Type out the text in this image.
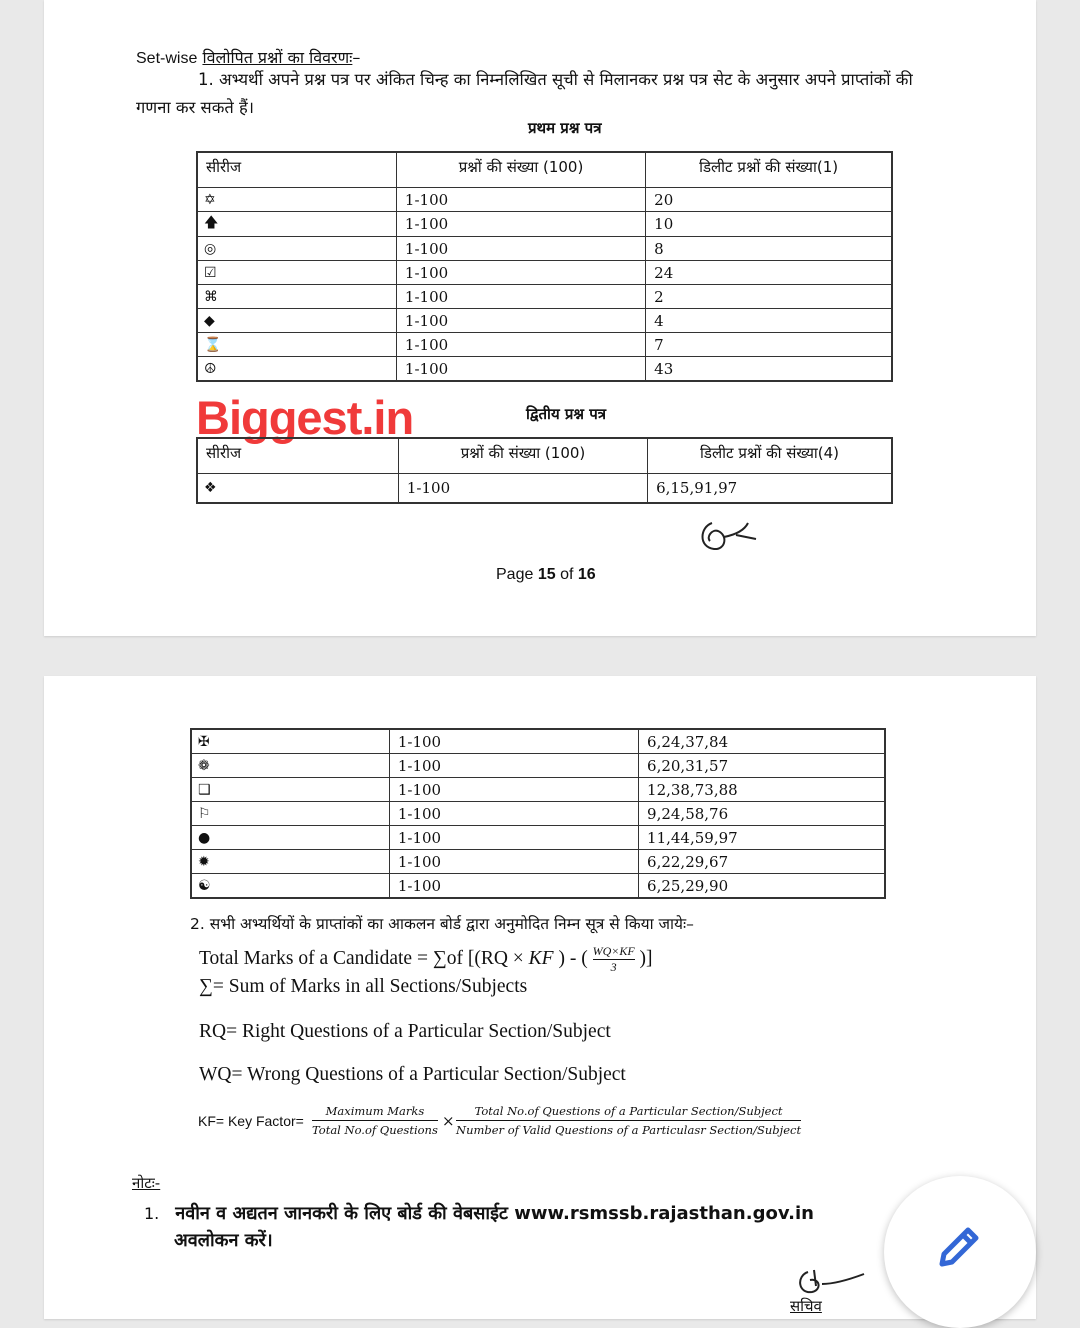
Set-wise विलोपित प्रश्नों का विवरणः–
1. अभ्यर्थी अपने प्रश्न पत्र पर अंकित चिन्ह का निम्नलिखित सूची से मिलानकर प्रश्न पत्र सेट के अनुसार अपने प्राप्तांकों की गणना कर सकते हैं।
प्रथम प्रश्न पत्र
सीरीज	प्रश्नों की संख्या (100)	डिलीट प्रश्नों की संख्या(1)
✡	1-100	20
🡅	1-100	10
◎	1-100	8
☑	1-100	24
⌘	1-100	2
◆	1-100	4
⌛	1-100	7
☮	1-100	43
Biggest.in	द्वितीय प्रश्न पत्र
सीरीज	प्रश्नों की संख्या (100)	डिलीट प्रश्नों की संख्या(4)
❖	1-100	6,15,91,97
Page 15 of 16
✠	1-100	6,24,37,84
❁	1-100	6,20,31,57
❑	1-100	12,38,73,88
⚐	1-100	9,24,58,76
●	1-100	11,44,59,97
✹	1-100	6,22,29,67
☯	1-100	6,25,29,90
2. सभी अभ्यर्थियों के प्राप्तांकों का आकलन बोर्ड द्वारा अनुमोदित निम्न सूत्र से किया जायेः–
Total Marks of a Candidate = ∑of [(RQ × KF ) - ( $\frac{WQ\times KF}{3}$ )]
∑= Sum of Marks in all Sections/Subjects
RQ= Right Questions of a Particular Section/Subject
WQ= Wrong Questions of a Particular Section/Subject
KF= Key Factor=
Maximum Marks
Total No.of Questions ×
Total No.of Questions of a Particular Section/Subject
Number of Valid Questions of a Particulasr Section/Subject
नोटः-
1. नवीन व अद्यतन जानकरी के लिए बोर्ड की वेबसाईट www.rsmssb.rajasthan.gov.in
अवलोकन करें।
सचिव
